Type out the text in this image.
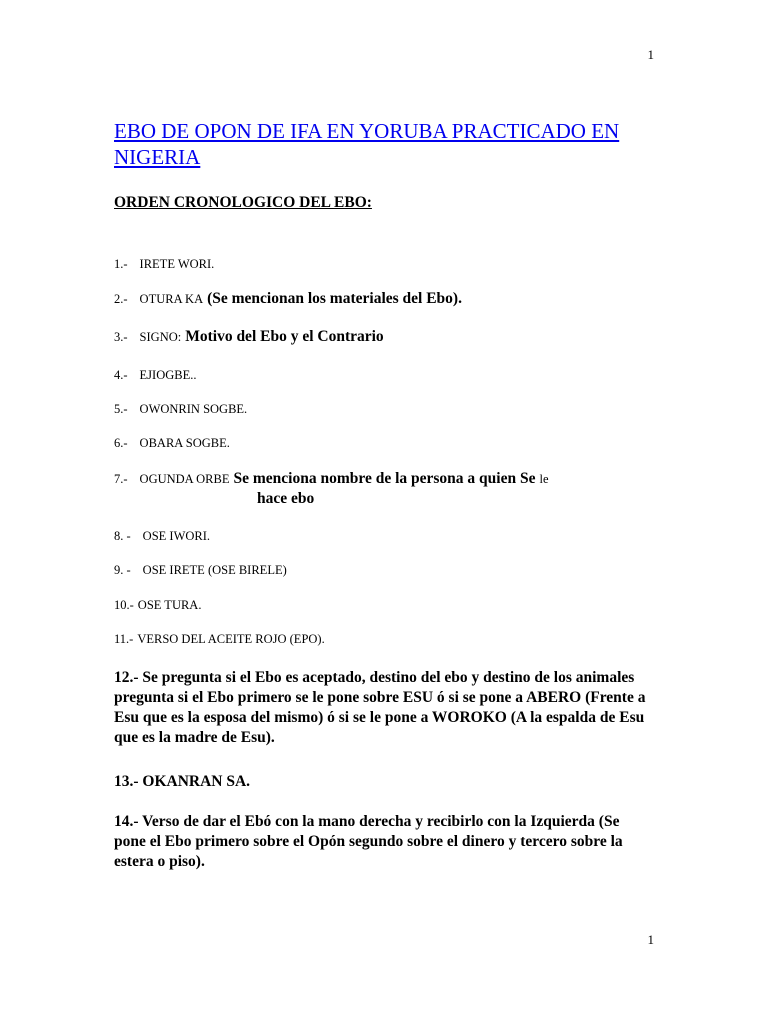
1
EBO DE OPON DE IFA EN YORUBA PRACTICADO EN NIGERIA
ORDEN CRONOLOGICO DEL EBO:
1.- IRETE WORI.
2.- OTURA KA (Se mencionan los materiales del Ebo).
3.- SIGNO: Motivo del Ebo y el Contrario
4.- EJIOGBE..
5.- OWONRIN SOGBE.
6.- OBARA SOGBE.
7.- OGUNDA ORBE Se menciona nombre de la persona a quien Se le
hace ebo
8. - OSE IWORI.
9. - OSE IRETE (OSE BIRELE)
10.- OSE TURA.
11.- VERSO DEL ACEITE ROJO (EPO).

12.- Se pregunta si el Ebo es aceptado, destino del ebo y destino de los animales pregunta si el Ebo primero se le pone sobre ESU ó si se pone a ABERO (Frente a Esu que es la esposa del mismo) ó si se le pone a WOROKO (A la espalda de Esu que es la madre de Esu).

13.- OKANRAN SA.

14.- Verso de dar el Ebó con la mano derecha y recibirlo con la Izquierda (Se pone el Ebo primero sobre el Opón segundo sobre el dinero y tercero sobre la estera o piso).

1
